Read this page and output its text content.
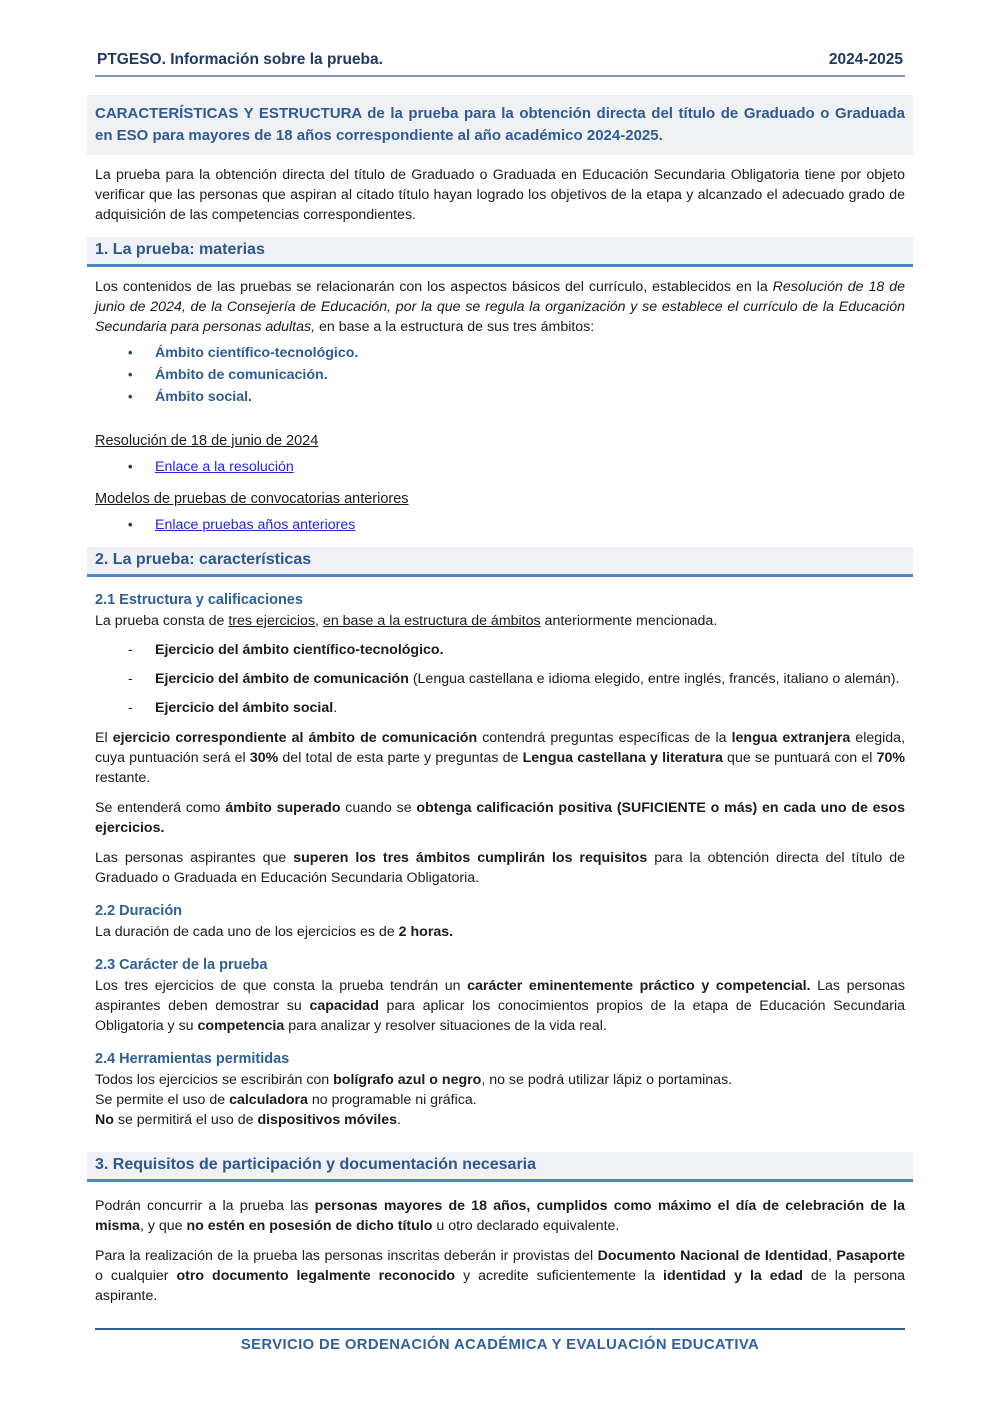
PTGESO. Información sobre la prueba.	2024-2025
CARACTERÍSTICAS Y ESTRUCTURA de la prueba para la obtención directa del título de Graduado o Graduada en ESO para mayores de 18 años correspondiente al año académico 2024-2025.

La prueba para la obtención directa del título de Graduado o Graduada en Educación Secundaria Obligatoria tiene por objeto verificar que las personas que aspiran al citado título hayan logrado los objetivos de la etapa y alcanzado el adecuado grado de adquisición de las competencias correspondientes.

1. La prueba: materias

Los contenidos de las pruebas se relacionarán con los aspectos básicos del currículo, establecidos en la Resolución de 18 de junio de 2024, de la Consejería de Educación, por la que se regula la organización y se establece el currículo de la Educación Secundaria para personas adultas, en base a la estructura de sus tres ámbitos:

• Ámbito científico-tecnológico.
• Ámbito de comunicación.
• Ámbito social.
Resolución de 18 de junio de 2024
• Enlace a la resolución
Modelos de pruebas de convocatorias anteriores
• Enlace pruebas años anteriores
2. La prueba: características
2.1 Estructura y calificaciones

La prueba consta de tres ejercicios, en base a la estructura de ámbitos anteriormente mencionada.

- Ejercicio del ámbito científico-tecnológico.
- Ejercicio del ámbito de comunicación (Lengua castellana e idioma elegido, entre inglés, francés, italiano o alemán).
- Ejercicio del ámbito social.

El ejercicio correspondiente al ámbito de comunicación contendrá preguntas específicas de la lengua extranjera elegida, cuya puntuación será el 30% del total de esta parte y preguntas de Lengua castellana y literatura que se puntuará con el 70% restante.

Se entenderá como ámbito superado cuando se obtenga calificación positiva (SUFICIENTE o más) en cada uno de esos ejercicios.

Las personas aspirantes que superen los tres ámbitos cumplirán los requisitos para la obtención directa del título de Graduado o Graduada en Educación Secundaria Obligatoria.

2.2 Duración

La duración de cada uno de los ejercicios es de 2 horas.

2.3 Carácter de la prueba

Los tres ejercicios de que consta la prueba tendrán un carácter eminentemente práctico y competencial. Las personas aspirantes deben demostrar su capacidad para aplicar los conocimientos propios de la etapa de Educación Secundaria Obligatoria y su competencia para analizar y resolver situaciones de la vida real.

2.4 Herramientas permitidas

Todos los ejercicios se escribirán con bolígrafo azul o negro, no se podrá utilizar lápiz o portaminas.

Se permite el uso de calculadora no programable ni gráfica.

No se permitirá el uso de dispositivos móviles.

3. Requisitos de participación y documentación necesaria

Podrán concurrir a la prueba las personas mayores de 18 años, cumplidos como máximo el día de celebración de la misma, y que no estén en posesión de dicho título u otro declarado equivalente.

Para la realización de la prueba las personas inscritas deberán ir provistas del Documento Nacional de Identidad, Pasaporte o cualquier otro documento legalmente reconocido y acredite suficientemente la identidad y la edad de la persona aspirante.

SERVICIO DE ORDENACIÓN ACADÉMICA Y EVALUACIÓN EDUCATIVA
